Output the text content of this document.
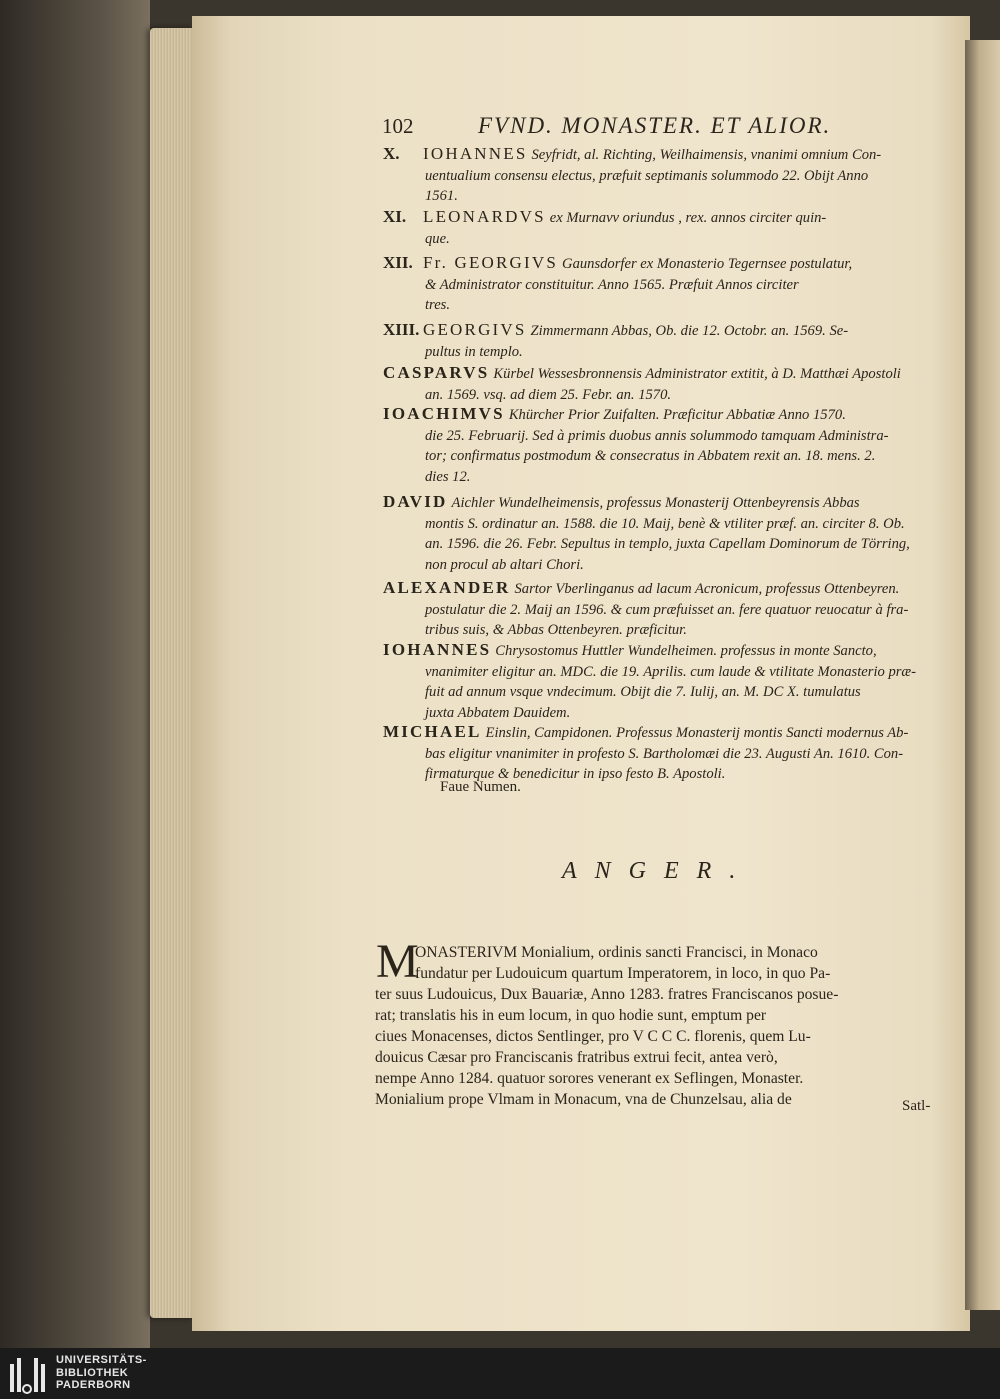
102	FVND. MONASTER. ET ALIOR.
X. IOHANNES Seyfridt, al. Richting, Weilhaimensis, vnanimi omnium Con-
uentualium consensu electus, præfuit septimanis solummodo 22. Obijt Anno
1561.
XI. LEONARDVS ex Murnavv oriundus , rex. annos circiter quin-
que.
XII. Fr. GEORGIVS Gaunsdorfer ex Monasterio Tegernsee postulatur,
& Administrator constituitur. Anno 1565. Præfuit Annos circiter
tres.
XIII. GEORGIVS Zimmermann Abbas, Ob. die 12. Octobr. an. 1569. Se-
pultus in templo.
CASPARVS Kürbel Wessesbronnensis Administrator extitit, à D. Matthæi Apostoli
an. 1569. vsq. ad diem 25. Febr. an. 1570.
IOACHIMVS Khürcher Prior Zuifalten. Præficitur Abbatiæ Anno 1570.
die 25. Februarij. Sed à primis duobus annis solummodo tamquam Administra-
tor; confirmatus postmodum & consecratus in Abbatem rexit an. 18. mens. 2.
dies 12.
DAVID Aichler Wundelheimensis, professus Monasterij Ottenbeyrensis Abbas
montis S. ordinatur an. 1588. die 10. Maij, benè & vtiliter præf. an. circiter 8. Ob.
an. 1596. die 26. Febr. Sepultus in templo, juxta Capellam Dominorum de Törring,
non procul ab altari Chori.
ALEXANDER Sartor Vberlinganus ad lacum Acronicum, professus Ottenbeyren.
postulatur die 2. Maij an 1596. & cum præfuisset an. fere quatuor reuocatur à fra-
tribus suis, & Abbas Ottenbeyren. præficitur.
IOHANNES Chrysostomus Huttler Wundelheimen. professus in monte Sancto,
vnanimiter eligitur an. MDC. die 19. Aprilis. cum laude & vtilitate Monasterio præ-
fuit ad annum vsque vndecimum. Obijt die 7. Iulij, an. M. DC X. tumulatus
juxta Abbatem Dauidem.
MICHAEL Einslin, Campidonen. Professus Monasterij montis Sancti modernus Ab-
bas eligitur vnanimiter in profesto S. Bartholomæi die 23. Augusti An. 1610. Con-
firmaturque & benedicitur in ipso festo B. Apostoli.
Faue Numen.
ANGER.
M
ONASTERIVM Monialium, ordinis sancti Francisci, in Monaco
fundatur per Ludouicum quartum Imperatorem, in loco, in quo Pa-
ter suus Ludouicus, Dux Bauariæ, Anno 1283. fratres Franciscanos posue-
rat; translatis his in eum locum, in quo hodie sunt, emptum per
ciues Monacenses, dictos Sentlinger, pro V C C C. florenis, quem Lu-
douicus Cæsar pro Franciscanis fratribus extrui fecit, antea verò,
nempe Anno 1284. quatuor sorores venerant ex Seflingen, Monaster.
Monialium prope Vlmam in Monacum, vna de Chunzelsau, alia de	Satl-
UNIVERSITÄTS-
BIBLIOTHEK
PADERBORN
